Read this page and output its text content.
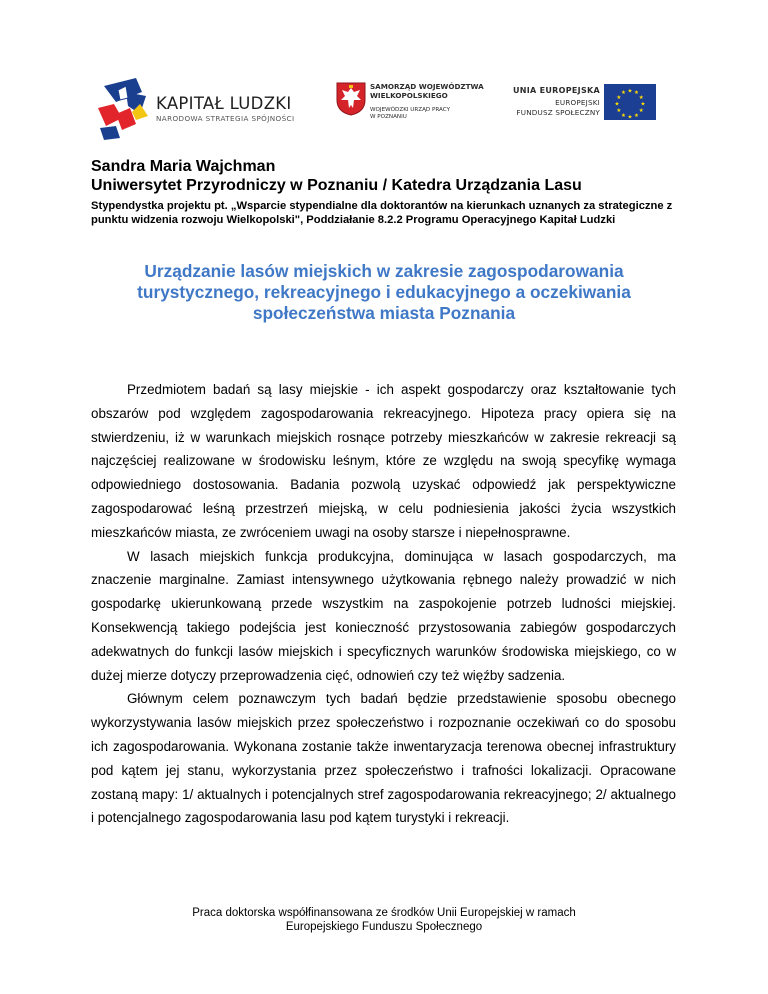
KAPITAŁ LUDZKI
NARODOWA STRATEGIA SPÓJNOŚCI
SAMORZĄD WOJEWÓDZTWA
WIELKOPOLSKIEGO
WOJEWÓDZKI URZĄD PRACY
W POZNANIU
UNIA EUROPEJSKA
EUROPEJSKI
FUNDUSZ SPOŁECZNY
★ ★
★
★
★
★
★
★
★
★
★
★
Sandra Maria Wajchman
Uniwersytet Przyrodniczy w Poznaniu / Katedra Urządzania Lasu
Stypendystka projektu pt. „Wsparcie stypendialne dla doktorantów na kierunkach uznanych za strategiczne z punktu widzenia rozwoju Wielkopolski", Poddziałanie 8.2.2 Programu Operacyjnego Kapitał Ludzki
Urządzanie lasów miejskich w zakresie zagospodarowania turystycznego, rekreacyjnego i edukacyjnego a oczekiwania społeczeństwa miasta Poznania

Przedmiotem badań są lasy miejskie - ich aspekt gospodarczy oraz kształtowanie tych obszarów pod względem zagospodarowania rekreacyjnego. Hipoteza pracy opiera się na stwierdzeniu, iż w warunkach miejskich rosnące potrzeby mieszkańców w zakresie rekreacji są najczęściej realizowane w środowisku leśnym, które ze względu na swoją specyfikę wymaga odpowiedniego dostosowania. Badania pozwolą uzyskać odpowiedź jak perspektywiczne zagospodarować leśną przestrzeń miejską, w celu podniesienia jakości życia wszystkich mieszkańców miasta, ze zwróceniem uwagi na osoby starsze i niepełnosprawne.

W lasach miejskich funkcja produkcyjna, dominująca w lasach gospodarczych, ma znaczenie marginalne. Zamiast intensywnego użytkowania rębnego należy prowadzić w nich gospodarkę ukierunkowaną przede wszystkim na zaspokojenie potrzeb ludności miejskiej. Konsekwencją takiego podejścia jest konieczność przystosowania zabiegów gospodarczych adekwatnych do funkcji lasów miejskich i specyficznych warunków środowiska miejskiego, co w dużej mierze dotyczy przeprowadzenia cięć, odnowień czy też więźby sadzenia.

Głównym celem poznawczym tych badań będzie przedstawienie sposobu obecnego wykorzystywania lasów miejskich przez społeczeństwo i rozpoznanie oczekiwań co do sposobu ich zagospodarowania. Wykonana zostanie także inwentaryzacja terenowa obecnej infrastruktury pod kątem jej stanu, wykorzystania przez społeczeństwo i trafności lokalizacji. Opracowane zostaną mapy: 1/ aktualnych i potencjalnych stref zagospodarowania rekreacyjnego; 2/ aktualnego i potencjalnego zagospodarowania lasu pod kątem turystyki i rekreacji.

Praca doktorska współfinansowana ze środków Unii Europejskiej w ramach
Europejskiego Funduszu Społecznego
